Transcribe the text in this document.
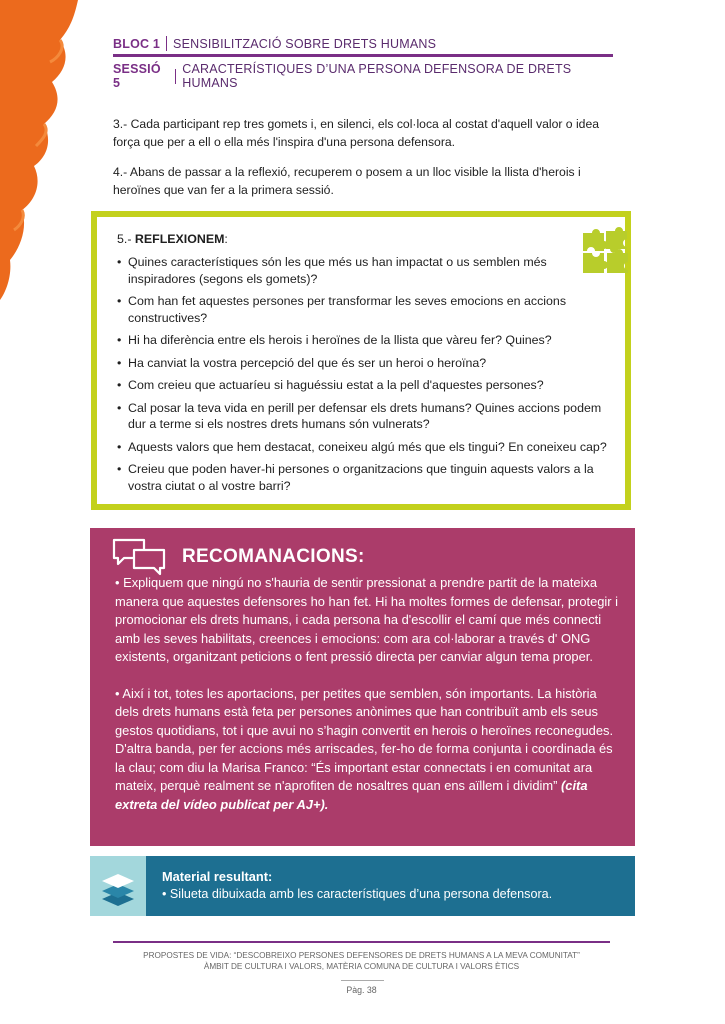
BLOC 1 SENSIBILITZACIÓ SOBRE DRETS HUMANS
SESSIÓ 5
CARACTERÍSTIQUES D’UNA PERSONA DEFENSORA DE DRETS HUMANS
3.- Cada participant rep tres gomets i, en silenci, els col·loca al costat d'aquell valor o idea força que per a ell o ella més l'inspira d'una persona defensora.
4.- Abans de passar a la reflexió, recuperem o posem a un lloc visible la llista d'herois i heroïnes que van fer a la primera sessió.
5.- REFLEXIONEM:
• Quines característiques són les que més us han impactat o us semblen més inspiradores (segons els gomets)?
• Com han fet aquestes persones per transformar les seves emocions en accions constructives?
• Hi ha diferència entre els herois i heroïnes de la llista que vàreu fer? Quines?
• Ha canviat la vostra percepció del que és ser un heroi o heroïna?
• Com creieu que actuaríeu si haguéssiu estat a la pell d'aquestes persones?
• Cal posar la teva vida en perill per defensar els drets humans? Quines accions podem dur a terme si els nostres drets humans són vulnerats?
• Aquests valors que hem destacat, coneixeu algú més que els tingui? En coneixeu cap?
• Creieu que poden haver-hi persones o organitzacions que tinguin aquests valors a la vostra ciutat o al vostre barri?
RECOMANACIONS:

• Expliquem que ningú no s'hauria de sentir pressionat a prendre partit de la mateixa manera que aquestes defensores ho han fet. Hi ha moltes formes de defensar, protegir i promocionar els drets humans, i cada persona ha d'escollir el camí que més connecti amb les seves habilitats, creences i emocions: com ara col·laborar a través d' ONG existents, organitzant peticions o fent pressió directa per canviar algun tema proper.

• Així i tot, totes les aportacions, per petites que semblen, són importants. La història dels drets humans està feta per persones anònimes que han contribuït amb els seus gestos quotidians, tot i que avui no s’hagin convertit en herois o heroïnes reconegudes. D'altra banda, per fer accions més arriscades, fer-ho de forma conjunta i coordinada és la clau; com diu la Marisa Franco: “És important estar connectats i en comunitat ara mateix, perquè realment se n'aprofiten de nosaltres quan ens aïllem i dividim” (cita extreta del vídeo publicat per AJ+).

Material resultant:
• Silueta dibuixada amb les característiques d’una persona defensora.
PROPOSTES DE VIDA: “DESCOBREIXO PERSONES DEFENSORES DE DRETS HUMANS A LA MEVA COMUNITAT”
ÀMBIT DE CULTURA I VALORS, MATÈRIA COMUNA DE CULTURA I VALORS ÈTICS
Pàg. 38
